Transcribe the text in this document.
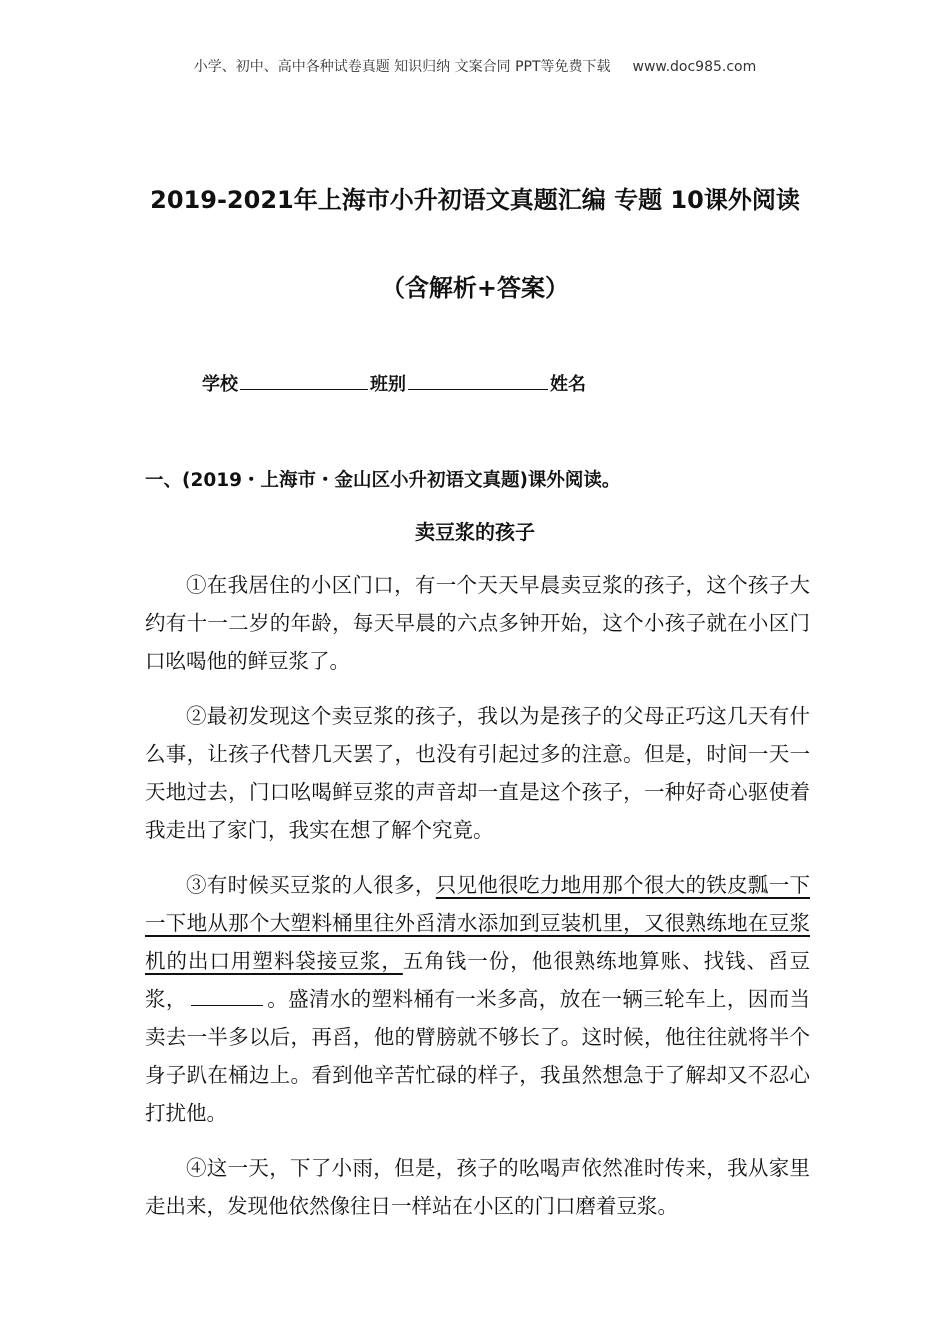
小学、初中、高中各种试卷真题 知识归纳 文案合同 PPT等免费下载 www.doc985.com
2019-2021年上海市小升初语文真题汇编 专题 10课外阅读
（含解析+答案）
学校	班别	姓名
一、(2019・上海市・金山区小升初语文真题)课外阅读。
卖豆浆的孩子

①在我居住的小区门口，有一个天天早晨卖豆浆的孩子，这个孩子大约有十一二岁的年龄，每天早晨的六点多钟开始，这个小孩子就在小区门口吆喝他的鲜豆浆了。

②最初发现这个卖豆浆的孩子，我以为是孩子的父母正巧这几天有什么事，让孩子代替几天罢了，也没有引起过多的注意。但是，时间一天一天地过去，门口吆喝鲜豆浆的声音却一直是这个孩子，一种好奇心驱使着我走出了家门，我实在想了解个究竟。

③有时候买豆浆的人很多，只见他很吃力地用那个很大的铁皮瓢一下一下地从那个大塑料桶里往外舀清水添加到豆装机里，又很熟练地在豆浆机的出口用塑料袋接豆浆，五角钱一份，他很熟练地算账、找钱、舀豆浆，	。盛清水的塑料桶有一米多高，放在一辆三轮车上，因而当卖去一半多以后，再舀，他的臂膀就不够长了。这时候，他往往就将半个身子趴在桶边上。看到他辛苦忙碌的样子，我虽然想急于了解却又不忍心打扰他。

④这一天，下了小雨，但是，孩子的吆喝声依然准时传来，我从家里走出来，发现他依然像往日一样站在小区的门口磨着豆浆。
